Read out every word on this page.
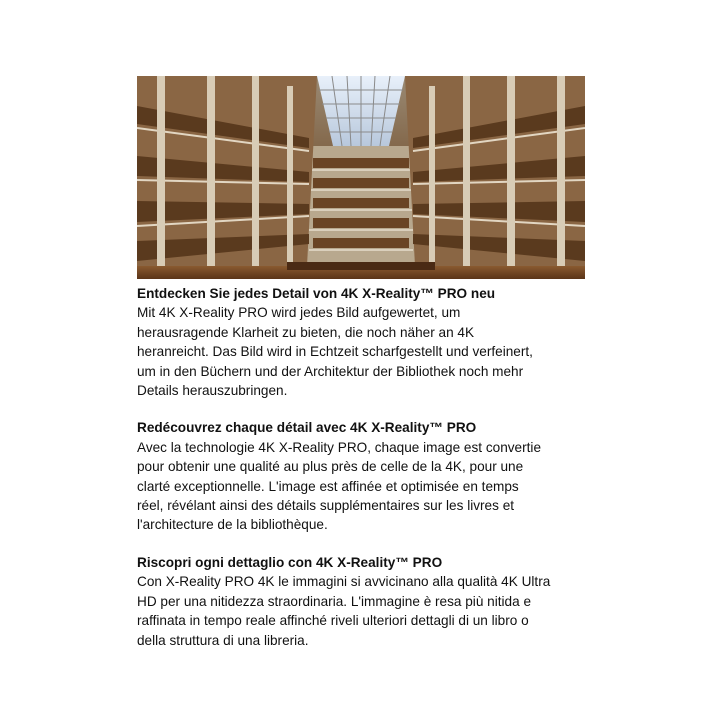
Entdecken Sie jedes Detail von 4K X-Reality™ PRO neu
Mit 4K X-Reality PRO wird jedes Bild aufgewertet, um
herausragende Klarheit zu bieten, die noch näher an 4K
heranreicht. Das Bild wird in Echtzeit scharfgestellt und verfeinert,
um in den Büchern und der Architektur der Bibliothek noch mehr
Details herauszubringen.
Redécouvrez chaque détail avec 4K X-Reality™ PRO
Avec la technologie 4K X-Reality PRO, chaque image est convertie
pour obtenir une qualité au plus près de celle de la 4K, pour une
clarté exceptionnelle. L'image est affinée et optimisée en temps
réel, révélant ainsi des détails supplémentaires sur les livres et
l'architecture de la bibliothèque.
Riscopri ogni dettaglio con 4K X-Reality™ PRO
Con X-Reality PRO 4K le immagini si avvicinano alla qualità 4K Ultra
HD per una nitidezza straordinaria. L'immagine è resa più nitida e
raffinata in tempo reale affinché riveli ulteriori dettagli di un libro o
della struttura di una libreria.
